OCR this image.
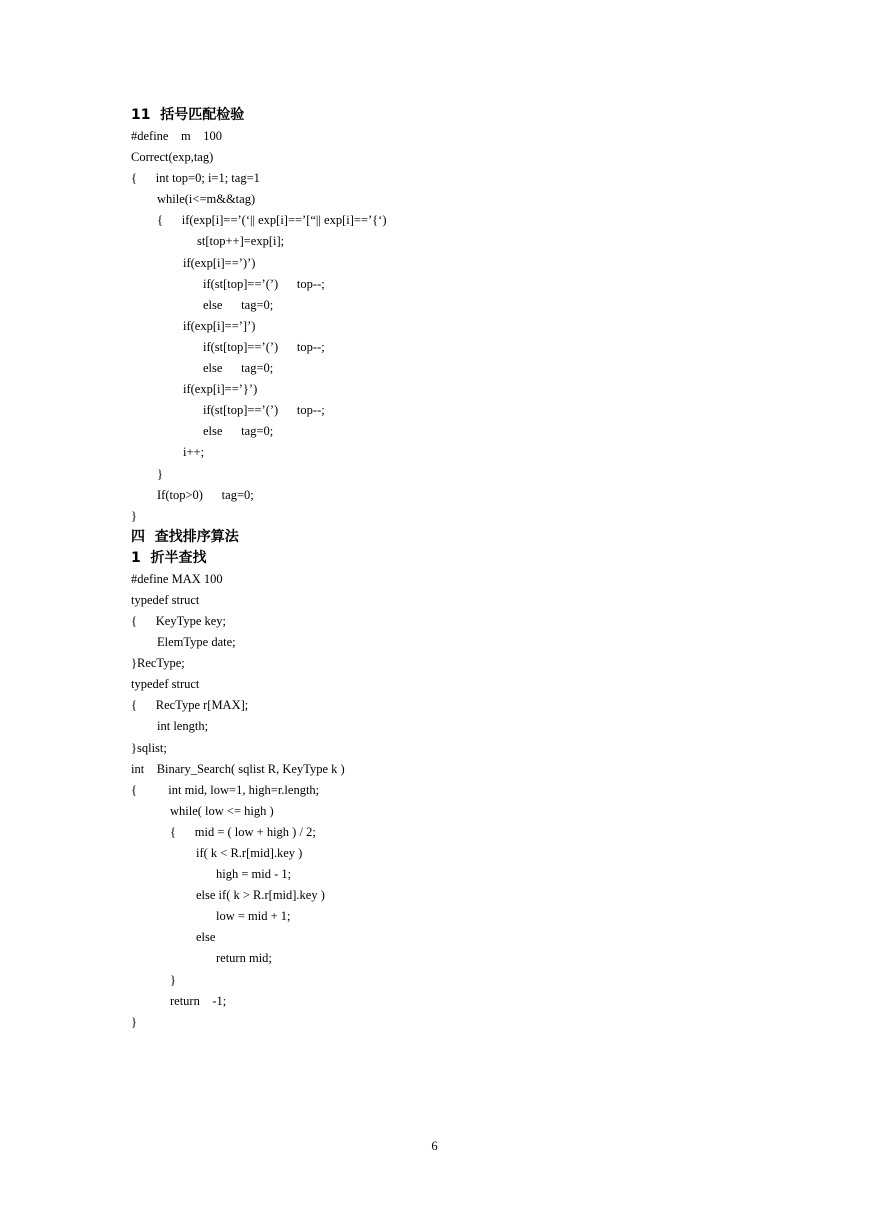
11  括号匹配检验
#define    m    100
Correct(exp,tag)
{      int top=0; i=1; tag=1
while(i<=m&&tag)
{      if(exp[i]==’(‘|| exp[i]==’[“|| exp[i]==’{‘)
st[top++]=exp[i];
if(exp[i]==’)’)
if(st[top]==’(’)      top--;
else      tag=0;
if(exp[i]==’]’)
if(st[top]==’(’)      top--;
else      tag=0;
if(exp[i]==’}’)
if(st[top]==’(’)      top--;
else      tag=0;
i++;
}
If(top>0)      tag=0;
}
四  查找排序算法
1  折半查找
#define MAX 100
typedef struct
{      KeyType key;
ElemType date;
}RecType;
typedef struct
{      RecType r[MAX];
int length;
}sqlist;
int    Binary_Search( sqlist R, KeyType k )
{          int mid, low=1, high=r.length;
while( low <= high )
{      mid = ( low + high ) / 2;
if( k < R.r[mid].key )
high = mid - 1;
else if( k > R.r[mid].key )
low = mid + 1;
else
return mid;
}
return    -1;
}
6
